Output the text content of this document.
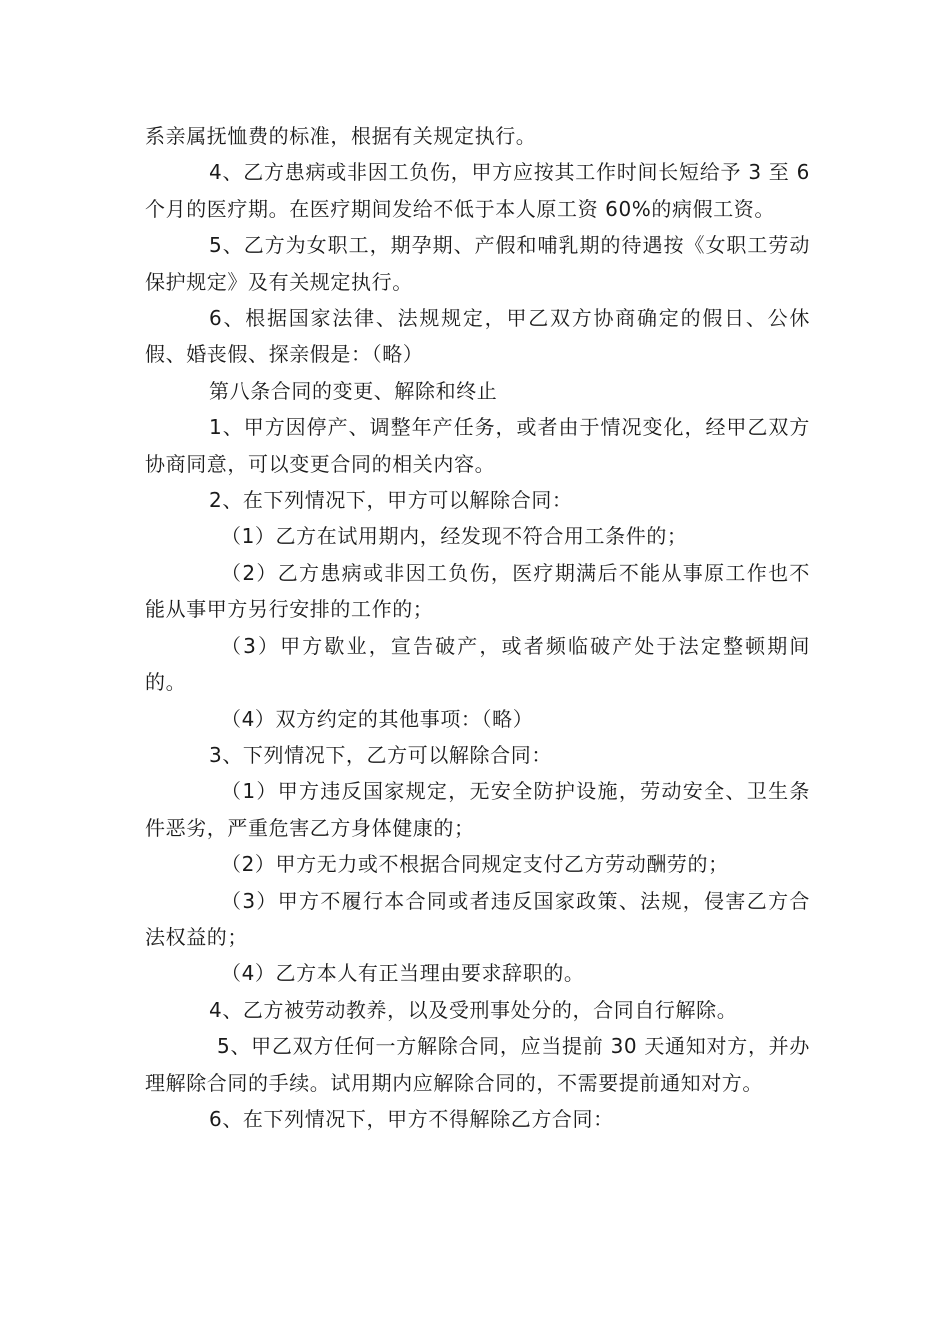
系亲属抚恤费的标准，根据有关规定执行。

4、乙方患病或非因工负伤，甲方应按其工作时间长短给予 3 至 6 个月的医疗期。在医疗期间发给不低于本人原工资 60%的病假工资。

5、乙方为女职工，期孕期、产假和哺乳期的待遇按《女职工劳动保护规定》及有关规定执行。

6、根据国家法律、法规规定，甲乙双方协商确定的假日、公休假、婚丧假、探亲假是：（略）

第八条合同的变更、解除和终止

1、甲方因停产、调整年产任务，或者由于情况变化，经甲乙双方协商同意，可以变更合同的相关内容。

2、在下列情况下，甲方可以解除合同：

（1）乙方在试用期内，经发现不符合用工条件的；

（2）乙方患病或非因工负伤，医疗期满后不能从事原工作也不能从事甲方另行安排的工作的；

（3）甲方歇业，宣告破产，或者频临破产处于法定整顿期间的。

（4）双方约定的其他事项：（略）

3、下列情况下，乙方可以解除合同：

（1）甲方违反国家规定，无安全防护设施，劳动安全、卫生条件恶劣，严重危害乙方身体健康的；

（2）甲方无力或不根据合同规定支付乙方劳动酬劳的；

（3）甲方不履行本合同或者违反国家政策、法规，侵害乙方合法权益的；

（4）乙方本人有正当理由要求辞职的。

4、乙方被劳动教养，以及受刑事处分的，合同自行解除。

5、甲乙双方任何一方解除合同，应当提前 30 天通知对方，并办理解除合同的手续。试用期内应解除合同的，不需要提前通知对方。

6、在下列情况下，甲方不得解除乙方合同：
